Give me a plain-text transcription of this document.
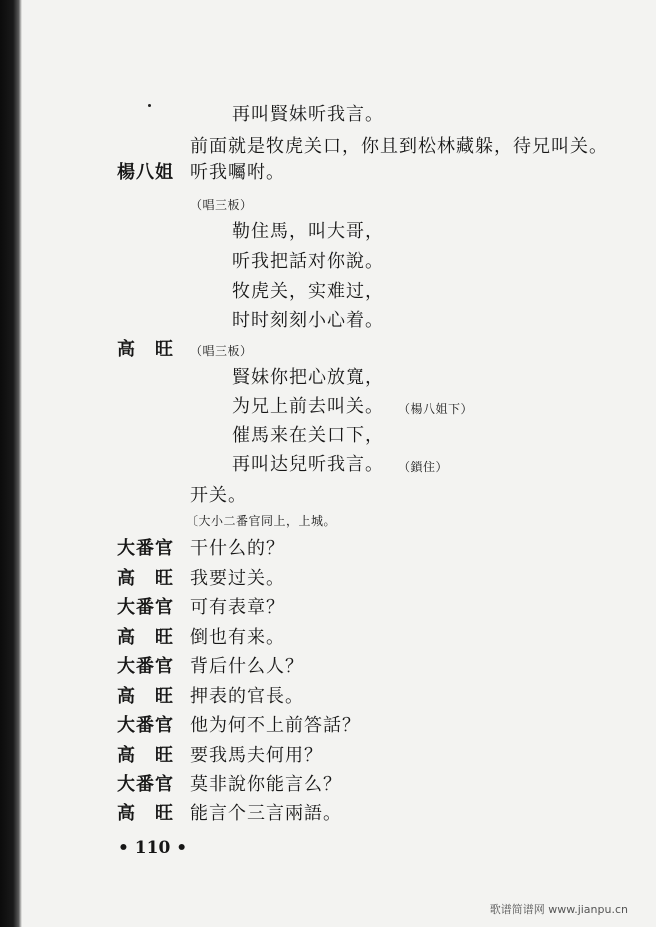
再叫賢妹听我言。
前面就是牧虎关口，你且到松林藏躲，待兄叫关。
楊八姐 听我囑咐。
（唱三板）
勒住馬，叫大哥，
听我把話对你說。
牧虎关，实难过，
时时刻刻小心着。
高　旺 （唱三板）
賢妹你把心放寬，
为兄上前去叫关。 （楊八姐下）
催馬来在关口下，
再叫达兒听我言。 （鎖住）
开关。
〔大小二番官同上，上城。
大番官 干什么的？
高　旺 我要过关。
大番官 可有表章？
高　旺 倒也有来。
大番官 背后什么人？
高　旺 押表的官長。
大番官 他为何不上前答話？
高　旺 要我馬夫何用？
大番官 莫非說你能言么？
高　旺 能言个三言兩語。
• 110 •
歌谱简谱网 www.jianpu.cn
